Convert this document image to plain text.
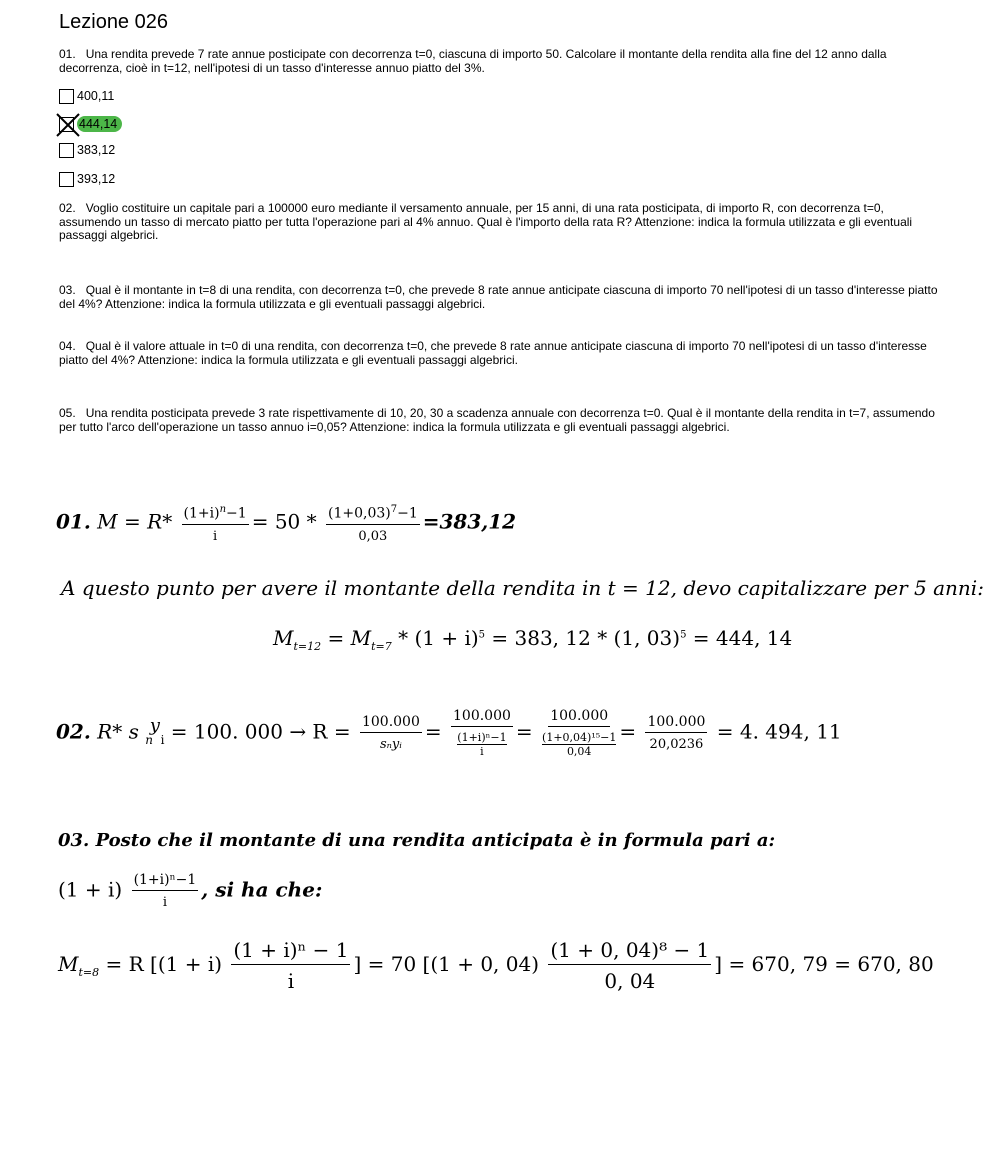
Lezione 026
01. Una rendita prevede 7 rate annue posticipate con decorrenza t=0, ciascuna di importo 50. Calcolare il montante della rendita alla fine del 12 anno dalla decorrenza, cioè in t=12, nell'ipotesi di un tasso d'interesse annuo piatto del 3%.
400,11
444,14
383,12
393,12
02. Voglio costituire un capitale pari a 100000 euro mediante il versamento annuale, per 15 anni, di una rata posticipata, di importo R, con decorrenza t=0, assumendo un tasso di mercato piatto per tutta l'operazione pari al 4% annuo. Qual è l'importo della rata R? Attenzione: indica la formula utilizzata e gli eventuali passaggi algebrici.
03. Qual è il montante in t=8 di una rendita, con decorrenza t=0, che prevede 8 rate annue anticipate ciascuna di importo 70 nell'ipotesi di un tasso d'interesse piatto del 4%? Attenzione: indica la formula utilizzata e gli eventuali passaggi algebrici.
04. Qual è il valore attuale in t=0 di una rendita, con decorrenza t=0, che prevede 8 rate annue anticipate ciascuna di importo 70 nell'ipotesi di un tasso d'interesse piatto del 4%? Attenzione: indica la formula utilizzata e gli eventuali passaggi algebrici.
05. Una rendita posticipata prevede 3 rate rispettivamente di 10, 20, 30 a scadenza annuale con decorrenza t=0. Qual è il montante della rendita in t=7, assumendo per tutto l'arco dell'operazione un tasso annuo i=0,05? Attenzione: indica la formula utilizzata e gli eventuali passaggi algebrici.
01. $M = R* \frac{(1+i)^n-1}{i} = 50 * \frac{(1+0,03)^7-1}{0,03} =383,12$
A questo punto per avere il montante della rendita in t = 12, devo capitalizzare per 5 anni:
$M_{t=12} = M_{t=7} * (1 + i)^5 = 383$, 12 * (1, 03)$^5$ = 444, 14
02. R* s y
n i = 100. $000 \to R = \frac{100.000}{\text{sₙyᵢ}} = 100.000$
(1+i)ⁿ−1
i = 100.000
(1+0,04)¹⁵−1
$0,04 = \frac{100.000}{20,0236} = 4$. 494, 11
03. Posto che il montante di una rendita anticipata è in formula pari a:
$(1 + i) \frac{\text{(1+i)ⁿ−1}}{i}$ , si ha che:
$M_{t=8} = R$ [$(1 + i) \frac{\text{(1 + i)ⁿ − 1}}{i}$ ] = 70 [(1 + 0, $04) \frac{\text{(1 + 0, 04)⁸ − 1}}{0, 04}$ ] = 670, 79 = 670, 80
